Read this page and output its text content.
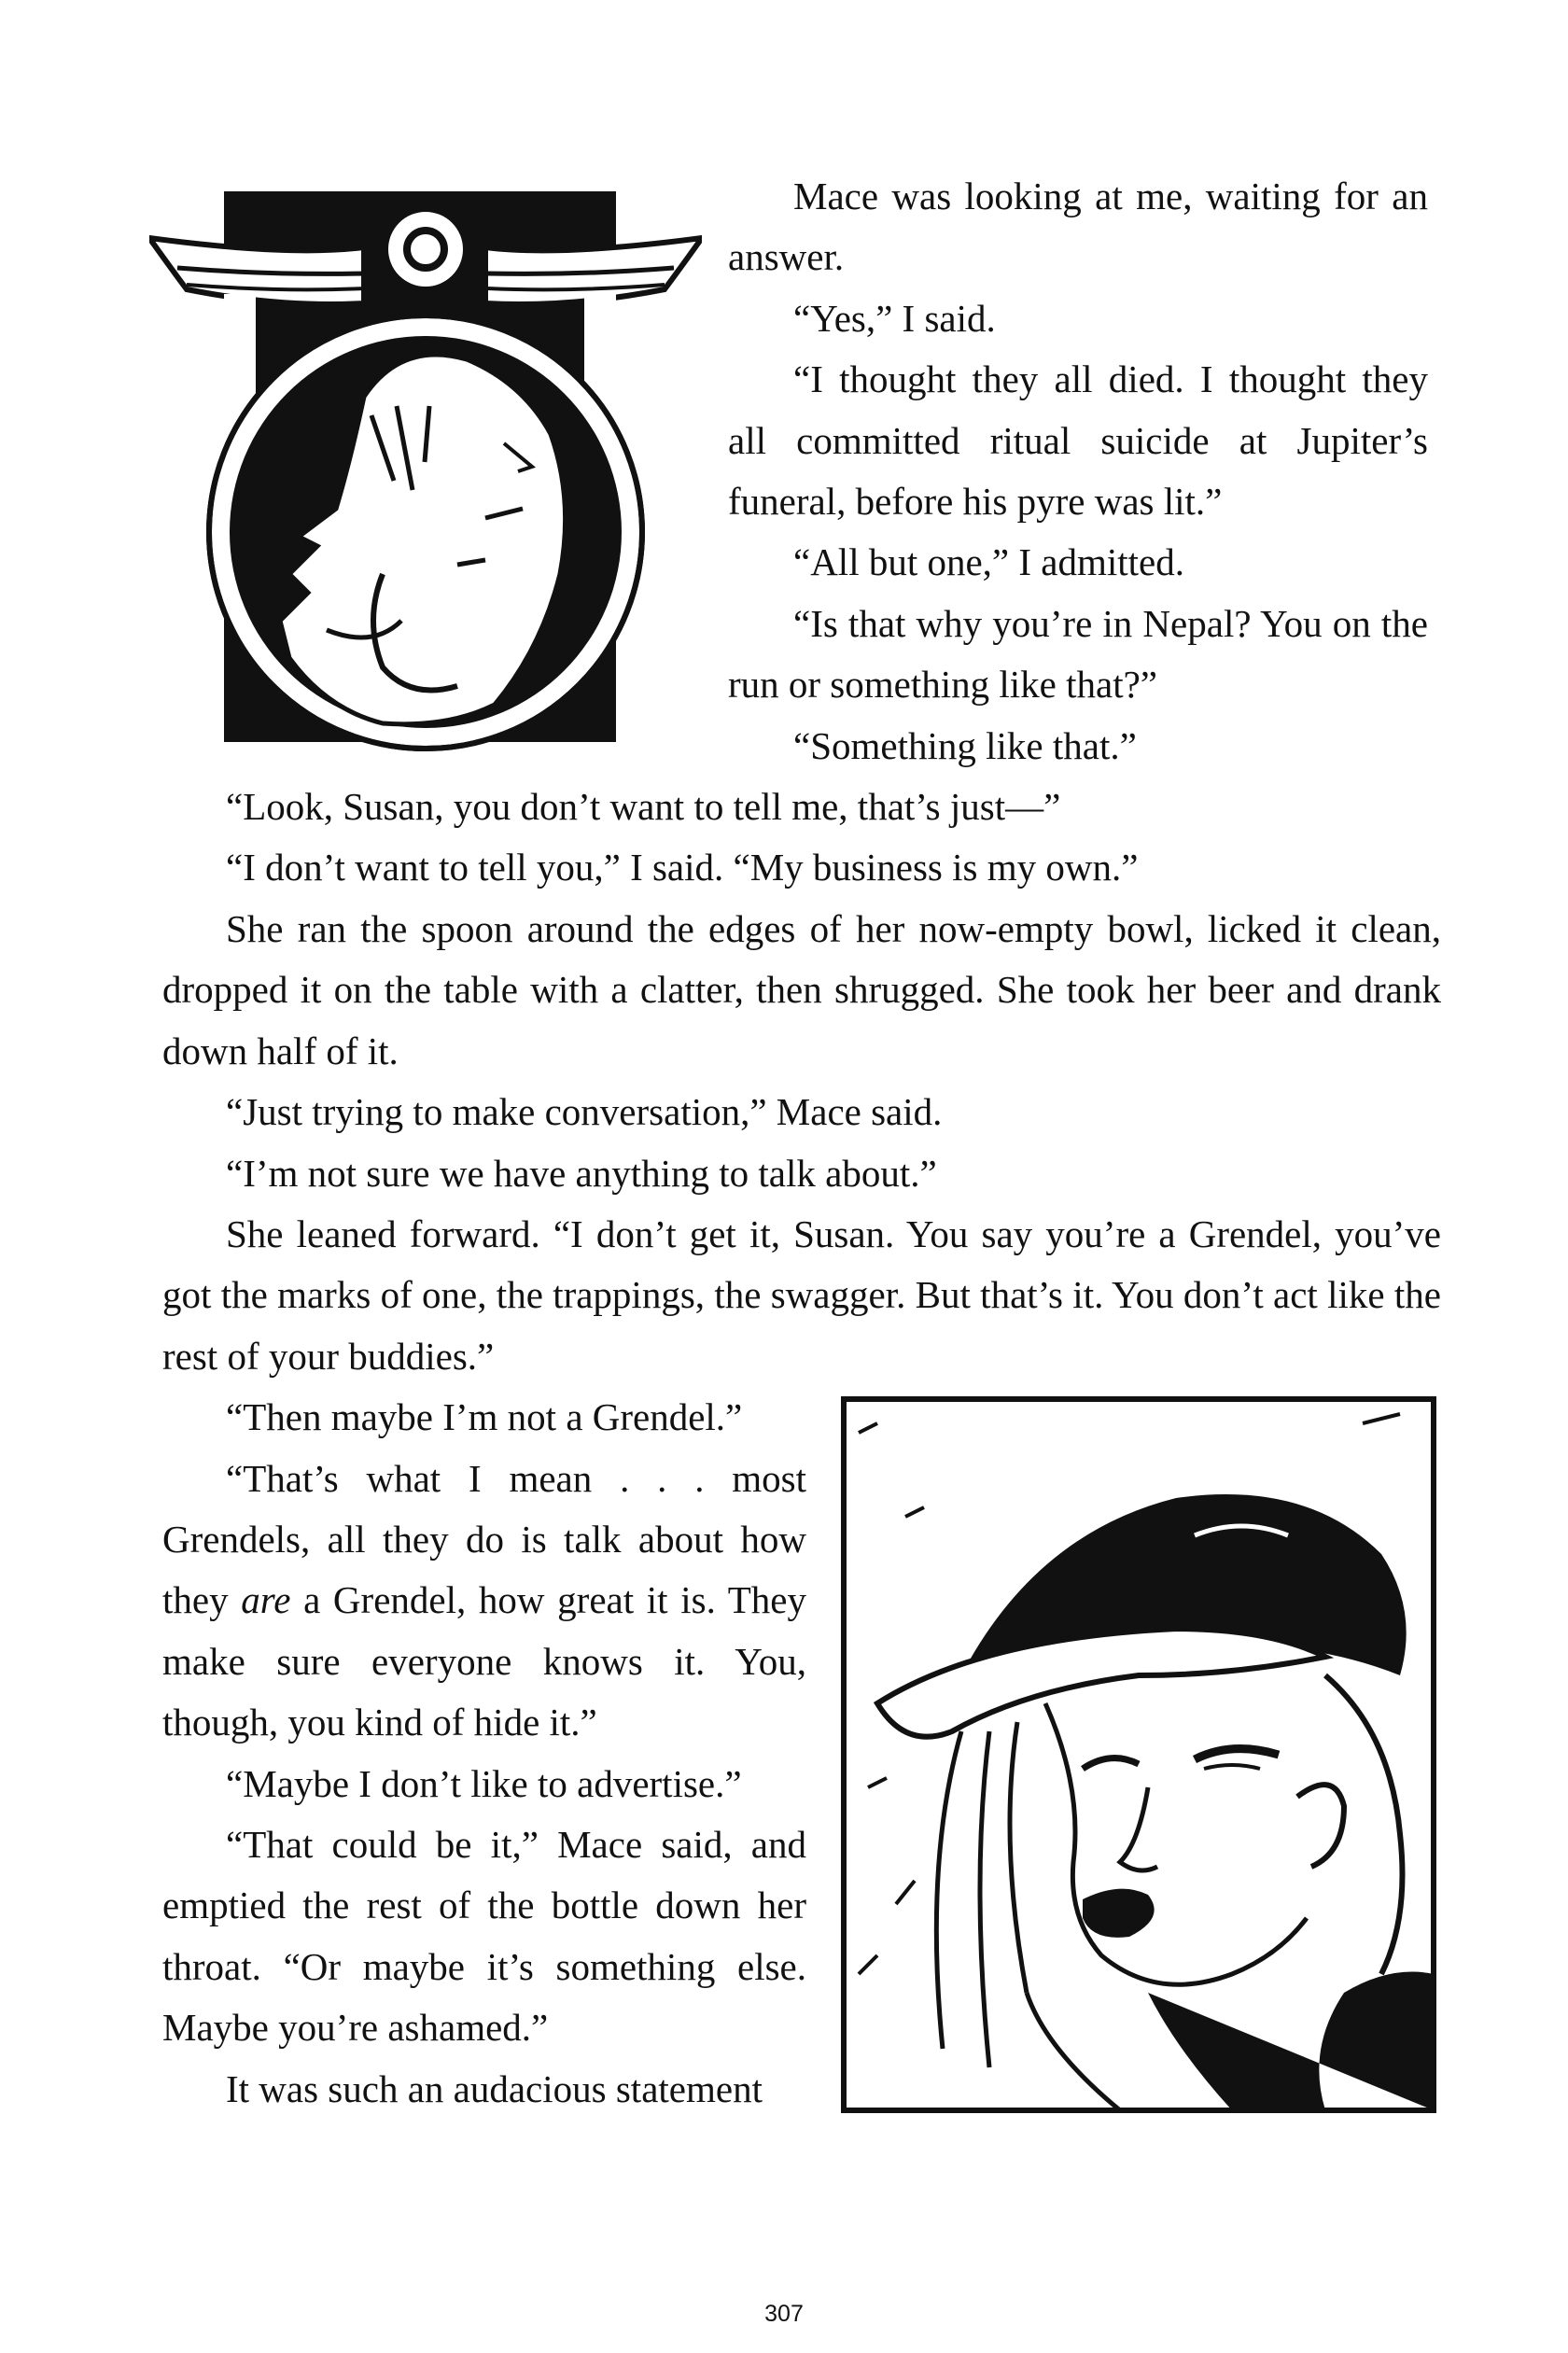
Mace was looking at me, waiting for an answer.

“Yes,” I said.

“I thought they all died. I thought they all committed ritual suicide at Jupiter’s funeral, before his pyre was lit.”

“All but one,” I admitted.

“Is that why you’re in Nepal? You on the run or something like that?”

“Something like that.”

“Look, Susan, you don’t want to tell me, that’s just—”

“I don’t want to tell you,” I said. “My business is my own.”

She ran the spoon around the edges of her now-empty bowl, licked it clean, dropped it on the table with a clatter, then shrugged. She took her beer and drank down half of it.

“Just trying to make conversation,” Mace said.

“I’m not sure we have anything to talk about.”

She leaned forward. “I don’t get it, Susan. You say you’re a Grendel, you’ve got the marks of one, the trappings, the swagger. But that’s it. You don’t act like the rest of your buddies.”

“Then maybe I’m not a Grendel.”

“That’s what I mean . . . most Grendels, all they do is talk about how they are a Grendel, how great it is. They make sure everyone knows it. You, though, you kind of hide it.”

“Maybe I don’t like to advertise.”

“That could be it,” Mace said, and emptied the rest of the bottle down her throat. “Or maybe it’s something else. Maybe you’re ashamed.”

It was such an audacious statement

307
